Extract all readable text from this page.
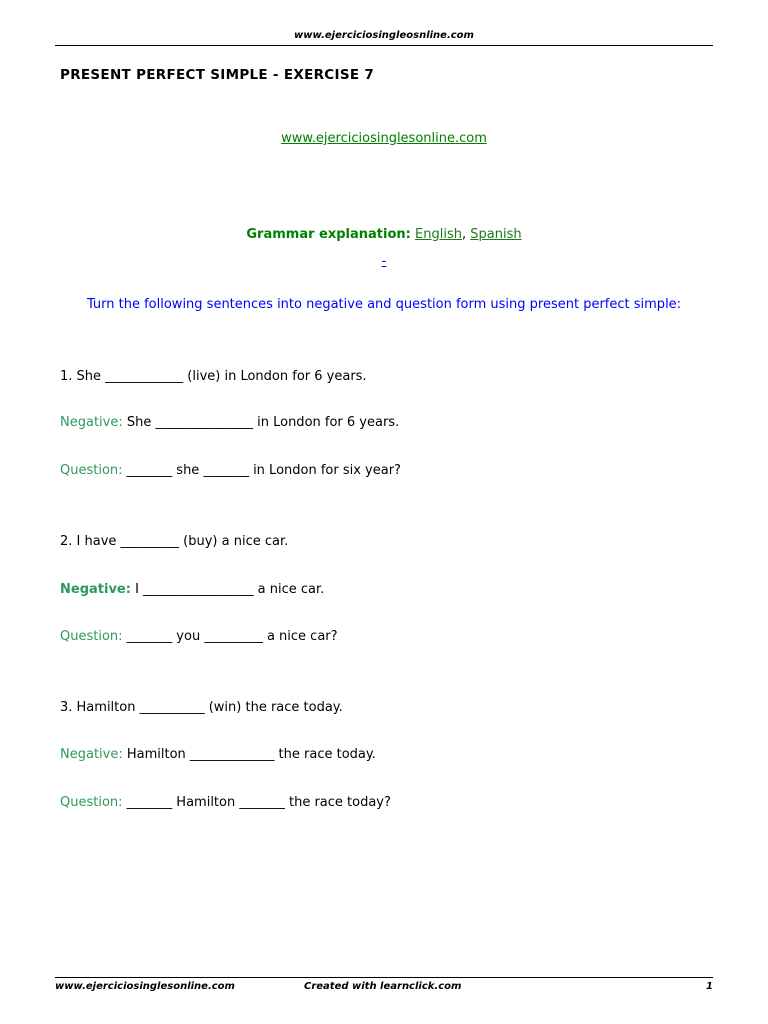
www.ejerciciosingleosnline.com
PRESENT PERFECT SIMPLE - EXERCISE 7
www.ejerciciosinglesonline.com
Grammar explanation: English, Spanish
-
Turn the following sentences into negative and question form using present perfect simple:
1. She ____________ (live) in London for 6 years.
Negative: She _______________ in London for 6 years.
Question: _______ she _______ in London for six year?
2. I have _________ (buy) a nice car.
Negative: I _________________ a nice car.
Question: _______ you _________ a nice car?
3. Hamilton __________ (win) the race today.
Negative: Hamilton _____________ the race today.
Question: _______ Hamilton _______ the race today?
www.ejerciciosinglesonline.com	Created with learnclick.com	1
